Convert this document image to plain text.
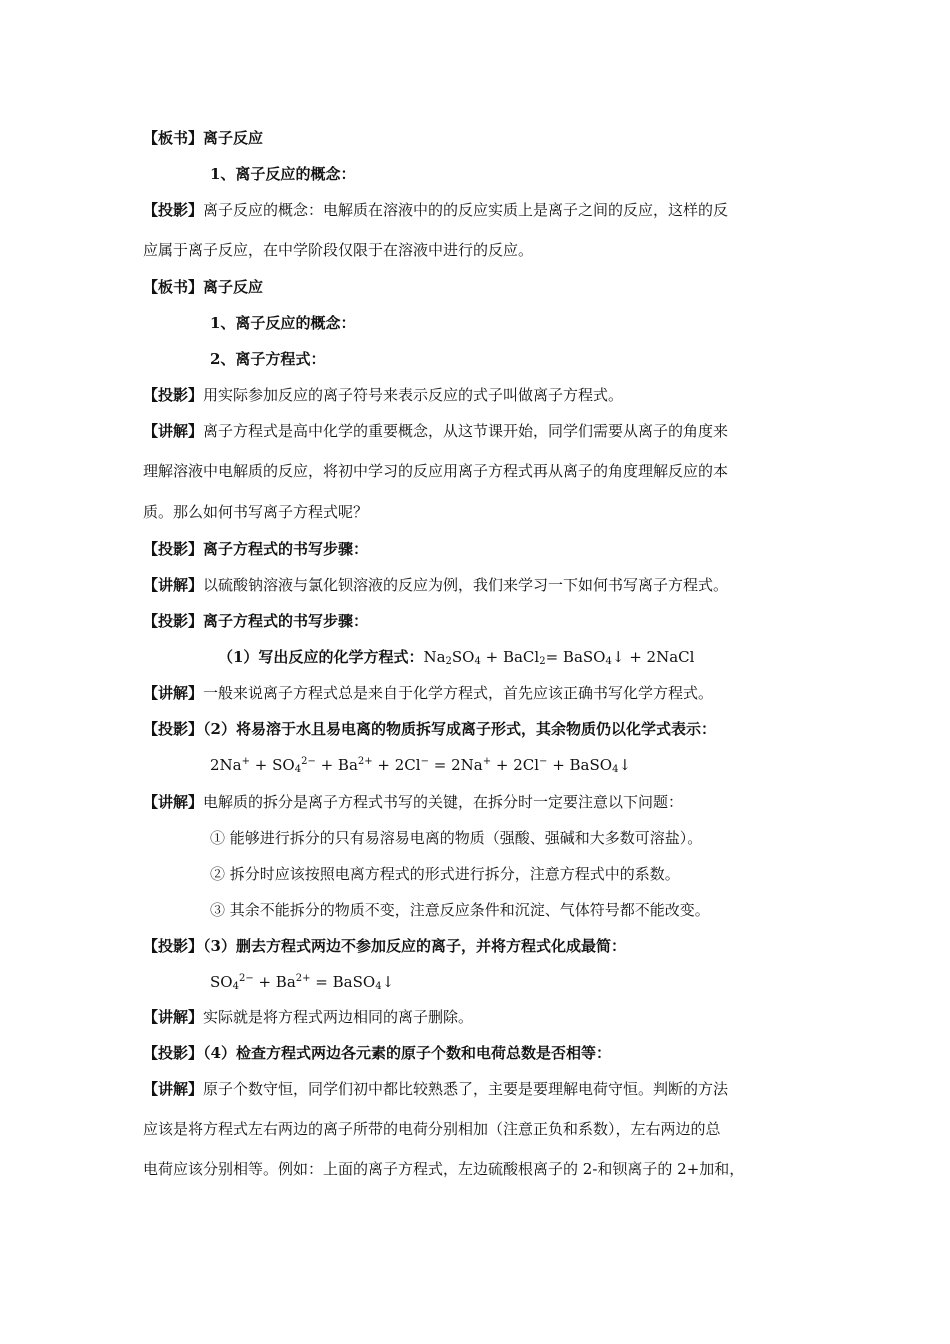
【板书】离子反应
1、离子反应的概念：
【投影】离子反应的概念：电解质在溶液中的的反应实质上是离子之间的反应，这样的反
应属于离子反应，在中学阶段仅限于在溶液中进行的反应。
【板书】离子反应
1、离子反应的概念：
2、离子方程式：
【投影】用实际参加反应的离子符号来表示反应的式子叫做离子方程式。
【讲解】离子方程式是高中化学的重要概念，从这节课开始，同学们需要从离子的角度来
理解溶液中电解质的反应，将初中学习的反应用离子方程式再从离子的角度理解反应的本
质。那么如何书写离子方程式呢？
【投影】离子方程式的书写步骤：
【讲解】以硫酸钠溶液与氯化钡溶液的反应为例，我们来学习一下如何书写离子方程式。
【投影】离子方程式的书写步骤：
（1）写出反应的化学方程式：$Na_2SO_4$ + BaCl$_2$= BaSO$_4$↓ + 2NaCl
【讲解】一般来说离子方程式总是来自于化学方程式，首先应该正确书写化学方程式。
【投影】（2）将易溶于水且易电离的物质拆写成离子形式，其余物质仍以化学式表示：
$2Na^+ + SO_4^{2-} + Ba^{2+} + 2Cl^- = 2Na^+ + 2Cl^-$ + BaSO$_4$↓
【讲解】电解质的拆分是离子方程式书写的关键，在拆分时一定要注意以下问题：
① 能够进行拆分的只有易溶易电离的物质（强酸、强碱和大多数可溶盐）。
② 拆分时应该按照电离方程式的形式进行拆分，注意方程式中的系数。
③ 其余不能拆分的物质不变，注意反应条件和沉淀、气体符号都不能改变。
【投影】（3）删去方程式两边不参加反应的离子，并将方程式化成最简：
$SO_4^{2-} + Ba^{2+}$ = BaSO$_4$↓
【讲解】实际就是将方程式两边相同的离子删除。
【投影】（4）检查方程式两边各元素的原子个数和电荷总数是否相等：
【讲解】原子个数守恒，同学们初中都比较熟悉了，主要是要理解电荷守恒。判断的方法
应该是将方程式左右两边的离子所带的电荷分别相加（注意正负和系数），左右两边的总
电荷应该分别相等。例如：上面的离子方程式，左边硫酸根离子的 2-和钡离子的 2+加和，
